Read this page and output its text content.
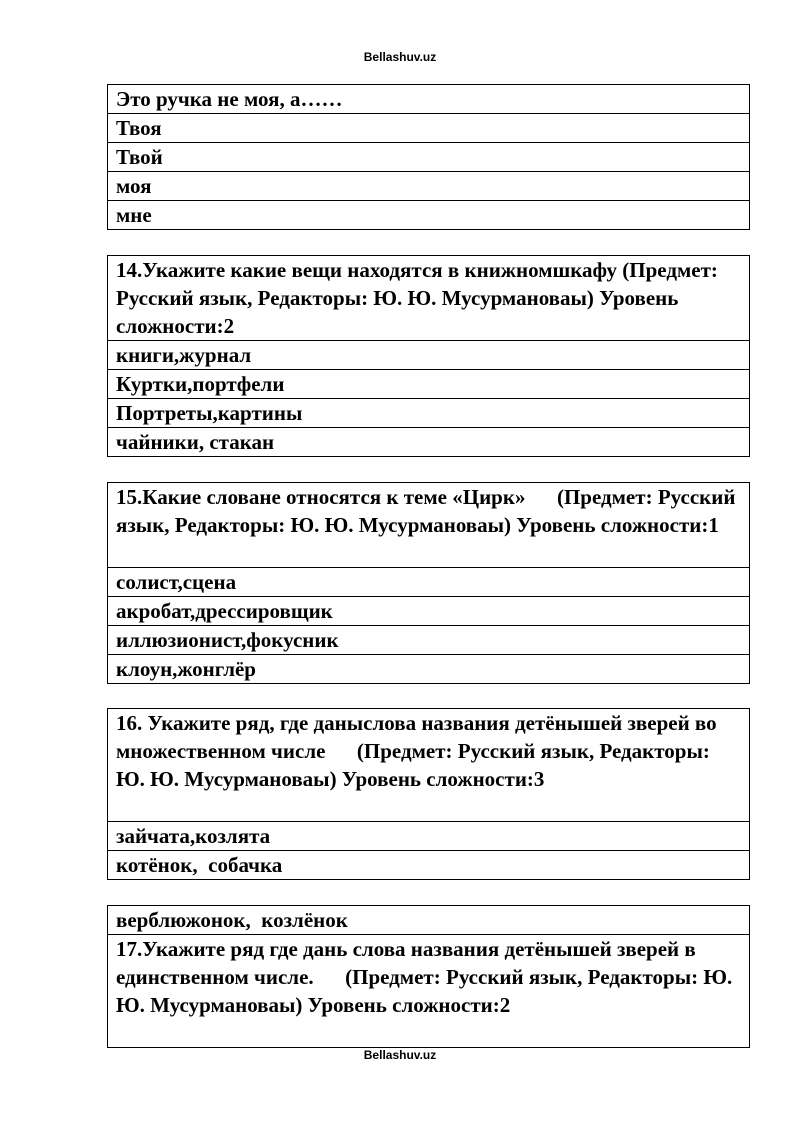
Bellashuv.uz
Это ручка не моя, а……
Твоя
Твой
моя
мне
14.Укажите какие вещи находятся в книжномшкафу (Предмет: Русский язык, Редакторы: Ю. Ю. Мусурмановаы) Уровень сложности:2
книги,журнал
Куртки,портфели
Портреты,картины
чайники, стакан
15.Какие слованe относятся к теме «Цирк»      (Предмет: Русский язык, Редакторы: Ю. Ю. Мусурмановаы) Уровень сложности:1
солист,сцена
акробат,дрессировщик
иллюзионист,фокусник
клоун,жонглёр
16. Укажите ряд, где даныслова названия детёнышей зверей во множественном числе      (Предмет: Русский язык, Редакторы: Ю. Ю. Мусурмановаы) Уровень сложности:3
зайчата,козлята
котёнок,  собачка
верблюжонок,  козлёнок
17.Укажите ряд где дань слова названия детёнышей зверей в единственном числе.      (Предмет: Русский язык, Редакторы: Ю. Ю. Мусурмановаы) Уровень сложности:2
Bellashuv.uz
